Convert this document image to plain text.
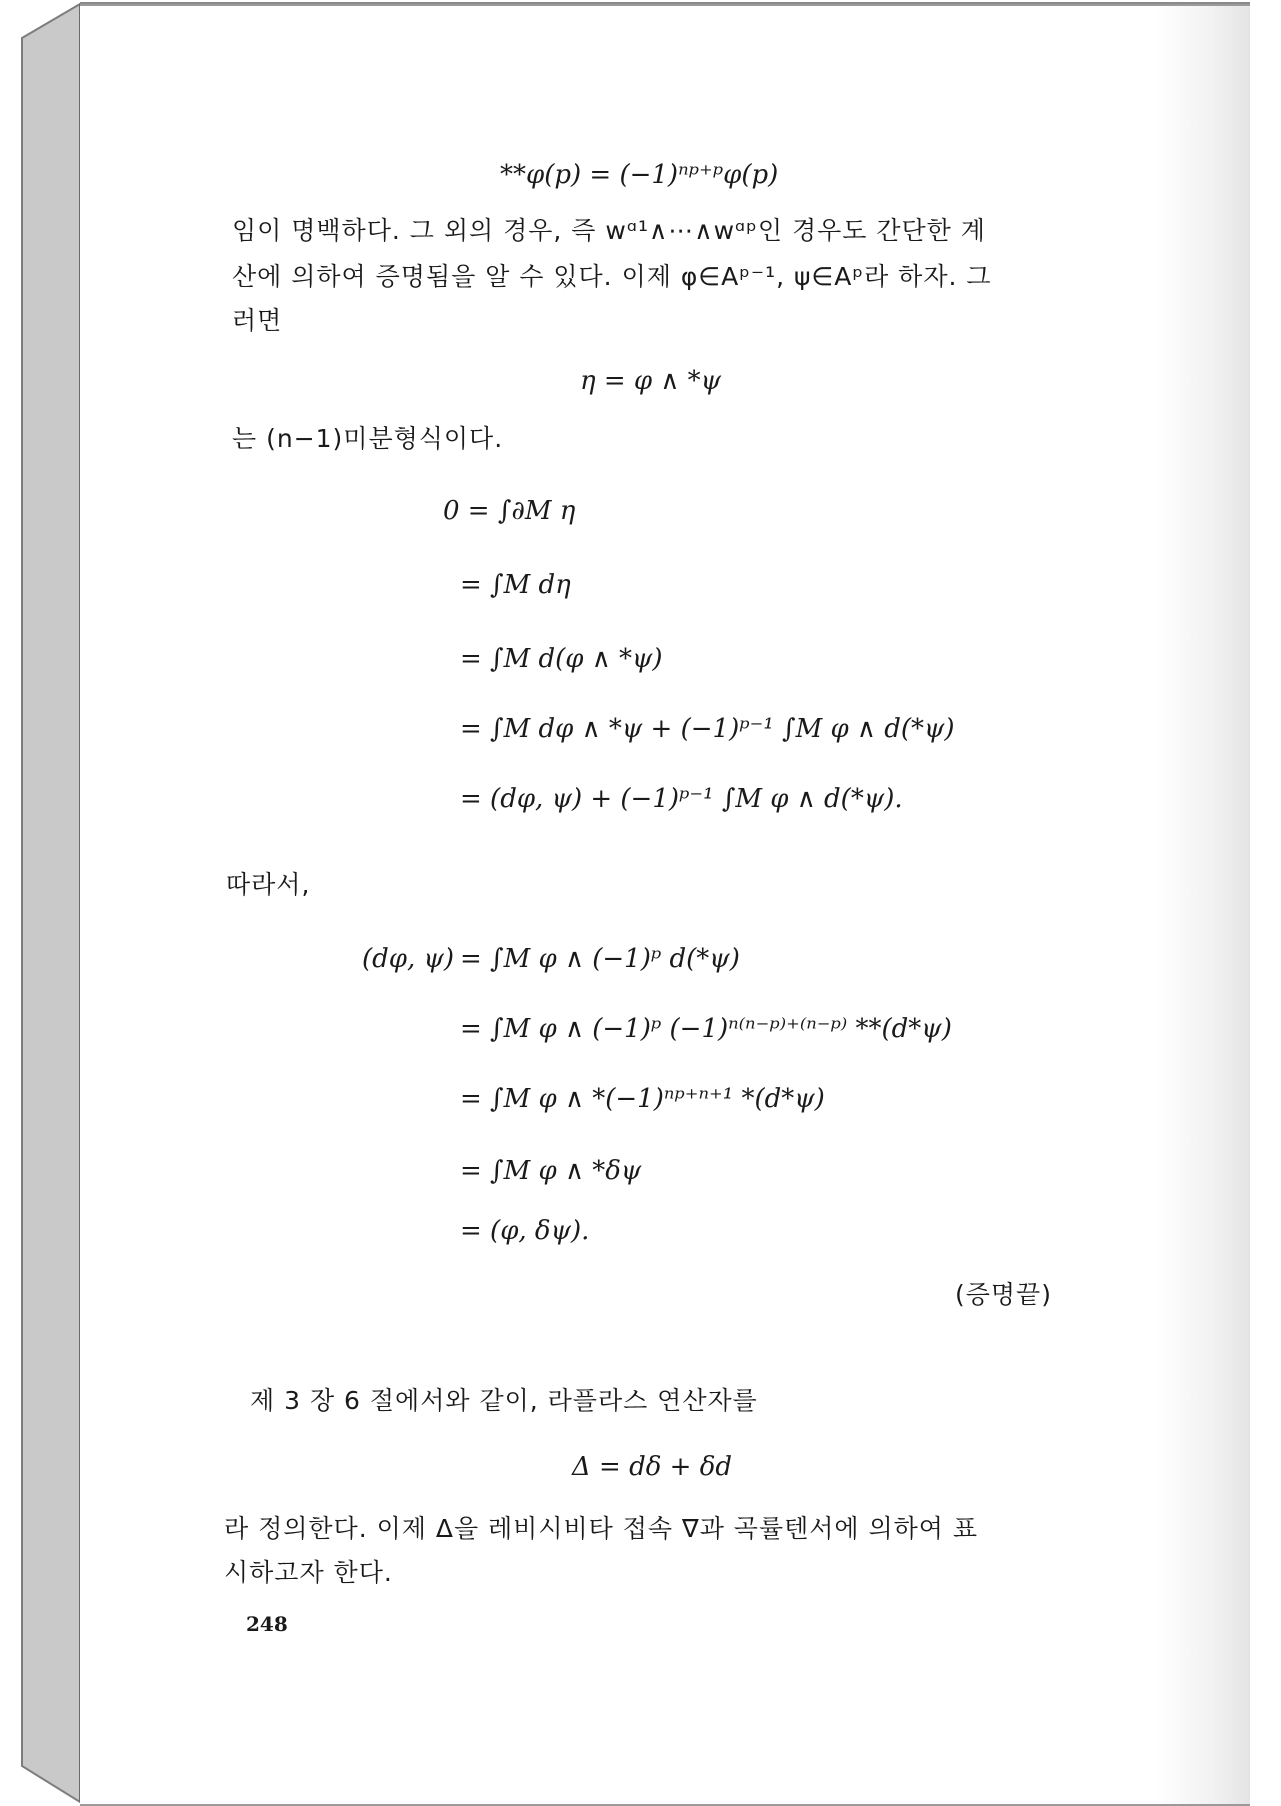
**φ(p) = (−1)ⁿᵖ⁺ᵖφ(p)
임이 명백하다. 그 외의 경우, 즉 wᵅ¹∧⋯∧wᵅᵖ인 경우도 간단한 계
산에 의하여 증명됨을 알 수 있다. 이제 φ∈Aᵖ⁻¹, ψ∈Aᵖ라 하자. 그
러면
η = φ ∧ *ψ
는 (n−1)미분형식이다.
0 = ∫∂M η
= ∫M dη
= ∫M d(φ ∧ *ψ)
= ∫M dφ ∧ *ψ + (−1)ᵖ⁻¹ ∫M φ ∧ d(*ψ)
= (dφ, ψ) + (−1)ᵖ⁻¹ ∫M φ ∧ d(*ψ).
따라서,
(dφ, ψ) = ∫M φ ∧ (−1)ᵖ d(*ψ)
= ∫M φ ∧ (−1)ᵖ (−1)ⁿ⁽ⁿ⁻ᵖ⁾⁺⁽ⁿ⁻ᵖ⁾ **(d*ψ)
= ∫M φ ∧ *(−1)ⁿᵖ⁺ⁿ⁺¹ *(d*ψ)
= ∫M φ ∧ *δψ
= (φ, δψ).
(증명끝)
제 3 장 6 절에서와 같이, 라플라스 연산자를
Δ = dδ + δd
라 정의한다. 이제 Δ을 레비시비타 접속 ∇과 곡률텐서에 의하여 표
시하고자 한다.
248
